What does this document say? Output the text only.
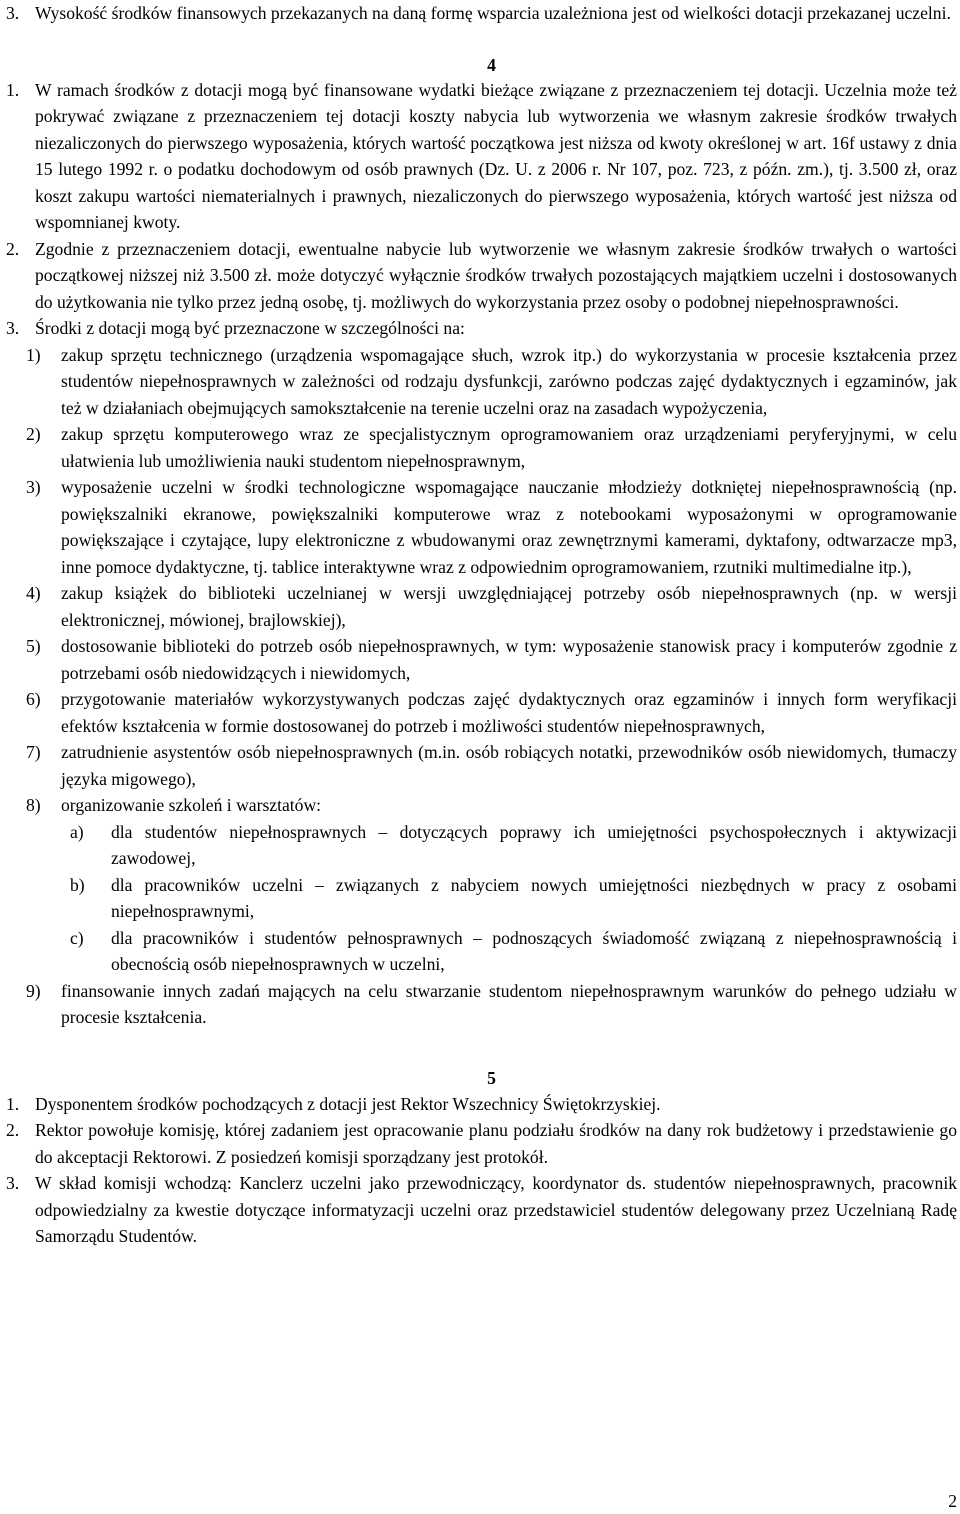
3. Wysokość środków finansowych przekazanych na daną formę wsparcia uzależniona jest od wielkości dotacji przekazanej uczelni.
4
1. W ramach środków z dotacji mogą być finansowane wydatki bieżące związane z przeznaczeniem tej dotacji. Uczelnia może też pokrywać związane z przeznaczeniem tej dotacji koszty nabycia lub wytworzenia we własnym zakresie środków trwałych niezaliczonych do pierwszego wyposażenia, których wartość początkowa jest niższa od kwoty określonej w art. 16f ustawy z dnia 15 lutego 1992 r. o podatku dochodowym od osób prawnych (Dz. U. z 2006 r. Nr 107, poz. 723, z późn. zm.), tj. 3.500 zł, oraz koszt zakupu wartości niematerialnych i prawnych, niezaliczonych do pierwszego wyposażenia, których wartość jest niższa od wspomnianej kwoty.
2. Zgodnie z przeznaczeniem dotacji, ewentualne nabycie lub wytworzenie we własnym zakresie środków trwałych o wartości początkowej niższej niż 3.500 zł. może dotyczyć wyłącznie środków trwałych pozostających majątkiem uczelni i dostosowanych do użytkowania nie tylko przez jedną osobę, tj. możliwych do wykorzystania przez osoby o podobnej niepełnosprawności.
3. Środki z dotacji mogą być przeznaczone w szczególności na:
1)	zakup sprzętu technicznego (urządzenia wspomagające słuch, wzrok itp.) do wykorzystania w procesie kształcenia przez studentów niepełnosprawnych w zależności od rodzaju dysfunkcji, zarówno podczas zajęć dydaktycznych i egzaminów, jak też w działaniach obejmujących samokształcenie na terenie uczelni oraz na zasadach wypożyczenia,
2)	zakup sprzętu komputerowego wraz ze specjalistycznym oprogramowaniem oraz urządzeniami peryferyjnymi, w celu ułatwienia lub umożliwienia nauki studentom niepełnosprawnym,
3)	wyposażenie uczelni w środki technologiczne wspomagające nauczanie młodzieży dotkniętej niepełnosprawnością (np. powiększalniki ekranowe, powiększalniki komputerowe wraz z notebookami wyposażonymi w oprogramowanie powiększające i czytające, lupy elektroniczne z wbudowanymi oraz zewnętrznymi kamerami, dyktafony, odtwarzacze mp3, inne pomoce dydaktyczne, tj. tablice interaktywne wraz z odpowiednim oprogramowaniem, rzutniki multimedialne itp.),
4)	zakup książek do biblioteki uczelnianej w wersji uwzględniającej potrzeby osób niepełnosprawnych (np. w wersji elektronicznej, mówionej, brajlowskiej),
5)	dostosowanie biblioteki do potrzeb osób niepełnosprawnych, w tym: wyposażenie stanowisk pracy i komputerów zgodnie z potrzebami osób niedowidzących i niewidomych,
6)	przygotowanie materiałów wykorzystywanych podczas zajęć dydaktycznych oraz egzaminów i innych form weryfikacji efektów kształcenia w formie dostosowanej do potrzeb i możliwości studentów niepełnosprawnych,
7)	zatrudnienie asystentów osób niepełnosprawnych (m.in. osób robiących notatki, przewodników osób niewidomych, tłumaczy języka migowego),
8)	organizowanie szkoleń i warsztatów:
a)	dla studentów niepełnosprawnych – dotyczących poprawy ich umiejętności psychospołecznych i aktywizacji zawodowej,
b)	dla pracowników uczelni – związanych z nabyciem nowych umiejętności niezbędnych w pracy z osobami niepełnosprawnymi,
c)	dla pracowników i studentów pełnosprawnych – podnoszących świadomość związaną z niepełnosprawnością i obecnością osób niepełnosprawnych w uczelni,
9)	finansowanie innych zadań mających na celu stwarzanie studentom niepełnosprawnym warunków do pełnego udziału w procesie kształcenia.
5
1. Dysponentem środków pochodzących z dotacji jest Rektor Wszechnicy Świętokrzyskiej.
2. Rektor powołuje komisję, której zadaniem jest opracowanie planu podziału środków na dany rok budżetowy i przedstawienie go do akceptacji Rektorowi. Z posiedzeń komisji sporządzany jest protokół.
3. W skład komisji wchodzą: Kanclerz uczelni jako przewodniczący, koordynator ds. studentów niepełnosprawnych, pracownik odpowiedzialny za kwestie dotyczące informatyzacji uczelni oraz przedstawiciel studentów delegowany przez Uczelnianą Radę Samorządu Studentów.
2
